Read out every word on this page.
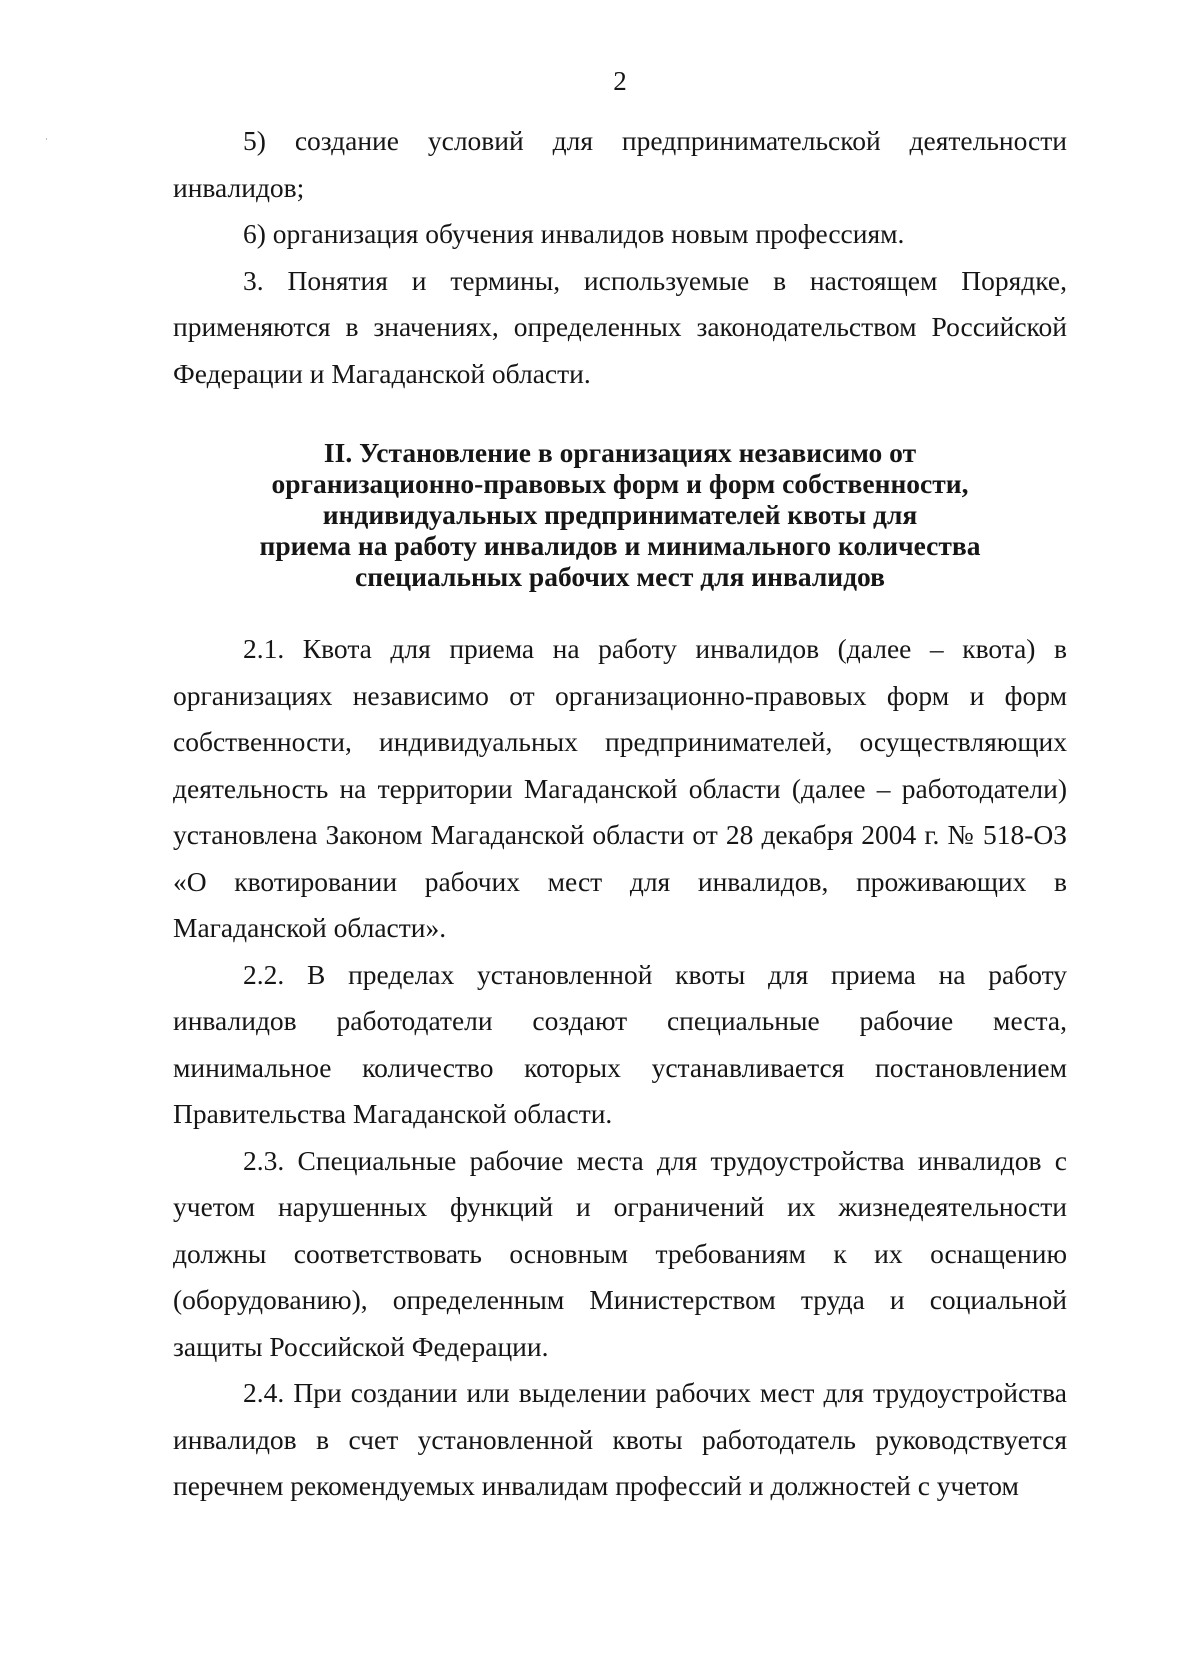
2

5) создание условий для предпринимательской деятельности инвалидов;

6) организация обучения инвалидов новым профессиям.

3. Понятия и термины, используемые в настоящем Порядке, применяются в значениях, определенных законодательством Российской Федерации и Магаданской области.

II. Установление в организациях независимо от
организационно-правовых форм и форм собственности,
индивидуальных предпринимателей квоты для
приема на работу инвалидов и минимального количества
специальных рабочих мест для инвалидов

2.1. Квота для приема на работу инвалидов (далее – квота) в организациях независимо от организационно-правовых форм и форм собственности, индивидуальных предпринимателей, осуществляющих деятельность на территории Магаданской области (далее – работодатели) установлена Законом Магаданской области от 28 декабря 2004 г. № 518-ОЗ «О квотировании рабочих мест для инвалидов, проживающих в Магаданской области».

2.2. В пределах установленной квоты для приема на работу инвалидов работодатели создают специальные рабочие места, минимальное количество которых устанавливается постановлением Правительства Магаданской области.

2.3. Специальные рабочие места для трудоустройства инвалидов с учетом нарушенных функций и ограничений их жизнедеятельности должны соответствовать основным требованиям к их оснащению (оборудованию), определенным Министерством труда и социальной защиты Российской Федерации.

2.4. При создании или выделении рабочих мест для трудоустройства инвалидов в счет установленной квоты работодатель руководствуется перечнем рекомендуемых инвалидам профессий и должностей с учетом
